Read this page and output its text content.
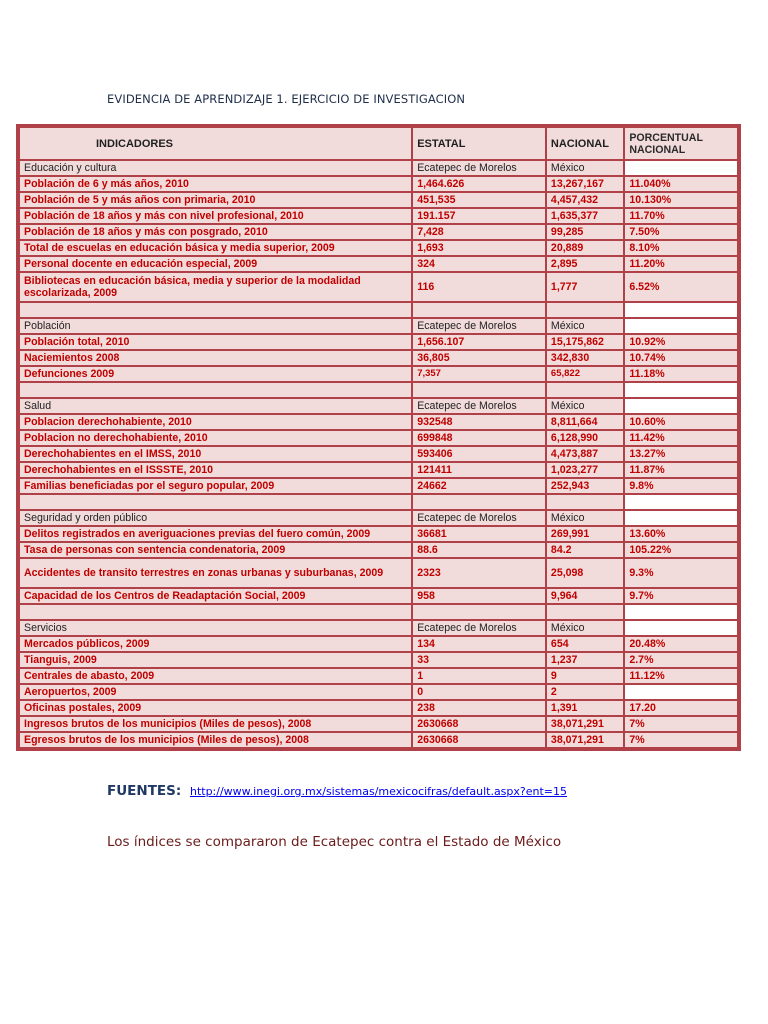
EVIDENCIA DE APRENDIZAJE 1. EJERCICIO DE INVESTIGACION
INDICADORES	ESTATAL	NACIONAL	PORCENTUAL NACIONAL
Educación y cultura	Ecatepec de Morelos	México	
Población de 6 y más años, 2010	1,464.626	13,267,167	11.040%
Población de 5 y más años con primaria, 2010	451,535	4,457,432	10.130%
Población de 18 años y más con nivel profesional, 2010	191.157	1,635,377	11.70%
Población de 18 años y más con posgrado, 2010	7,428	99,285	7.50%
Total de escuelas en educación básica y media superior, 2009	1,693	20,889	8.10%
Personal docente en educación especial, 2009	324	2,895	11.20%
Bibliotecas en educación básica, media y superior de la modalidad escolarizada, 2009	116	1,777	6.52%

Población	Ecatepec de Morelos	México	
Población total, 2010	1,656.107	15,175,862	10.92%
Naciemientos 2008	36,805	342,830	10.74%
Defunciones 2009	7,357	65,822	11.18%

Salud	Ecatepec de Morelos	México	
Poblacion derechohabiente, 2010	932548	8,811,664	10.60%
Poblacion no derechohabiente, 2010	699848	6,128,990	11.42%
Derechohabientes en el IMSS, 2010	593406	4,473,887	13.27%
Derechohabientes en el ISSSTE, 2010	121411	1,023,277	11.87%
Familias beneficiadas por el seguro popular, 2009	24662	252,943	9.8%

Seguridad y orden público	Ecatepec de Morelos	México	
Delitos registrados en averiguaciones previas del fuero común, 2009	36681	269,991	13.60%
Tasa de personas con sentencia condenatoria, 2009	88.6	84.2	105.22%
Accidentes de transito terrestres en zonas urbanas y suburbanas, 2009	2323	25,098	9.3%
Capacidad de los Centros de Readaptación Social, 2009	958	9,964	9.7%

Servicios	Ecatepec de Morelos	México	
Mercados públicos, 2009	134	654	20.48%
Tianguis, 2009	33	1,237	2.7%
Centrales de abasto, 2009	1	9	11.12%
Aeropuertos, 2009	0	2	
Oficinas postales, 2009	238	1,391	17.20
Ingresos brutos de los municipios (Miles de pesos), 2008	2630668	38,071,291	7%
Egresos brutos de los municipios (Miles de pesos), 2008	2630668	38,071,291	7%
FUENTES: http://www.inegi.org.mx/sistemas/mexicocifras/default.aspx?ent=15
Los índices se compararon de Ecatepec contra el Estado de México
